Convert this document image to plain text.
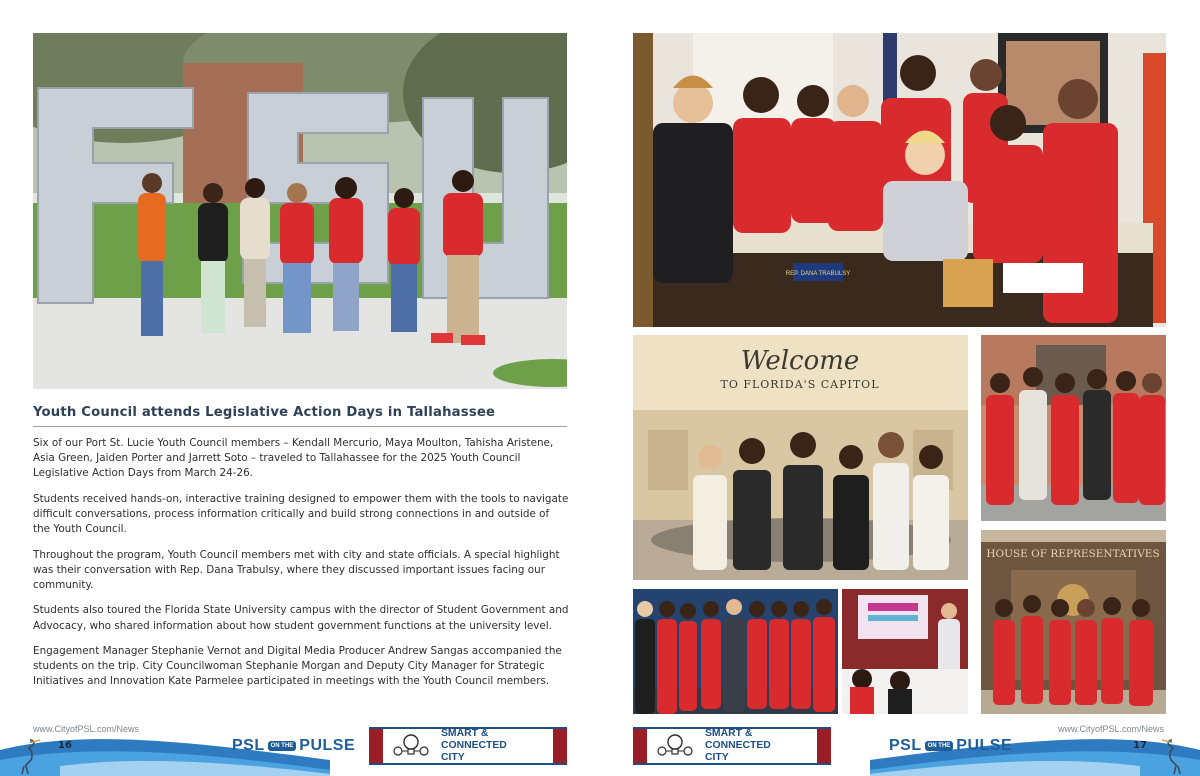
Youth Council attends Legislative Action Days in Tallahassee

Six of our Port St. Lucie Youth Council members – Kendall Mercurio, Maya Moulton, Tahisha Aristene, Asia Green, Jaiden Porter and Jarrett Soto – traveled to Tallahassee for the 2025 Youth Council Legislative Action Days from March 24-26.

Students received hands-on, interactive training designed to empower them with the tools to navigate difficult conversations, process information critically and build strong connections in and outside of the Youth Council.

Throughout the program, Youth Council members met with city and state officials. A special highlight was their conversation with Rep. Dana Trabulsy, where they discussed important issues facing our community.

Students also toured the Florida State University campus with the director of Student Government and Advocacy, who shared information about how student government functions at the university level.

Engagement Manager Stephanie Vernot and Digital Media Producer Andrew Sangas accompanied the students on the trip. City Councilwoman Stephanie Morgan and Deputy City Manager for Strategic Initiatives and Innovation Kate Parmelee participated in meetings with the Youth Council members.

www.CityofPSL.com/News
16	PSL	ON THE PULSE
SMART & CONNECTED CITY
REP. DANA TRABULSY
Welcome
TO FLORIDA'S CAPITOL
HOUSE OF REPRESENTATIVES
www.CityofPSL.com/News
17
PSL	ON THE PULSE
SMART & CONNECTED CITY
